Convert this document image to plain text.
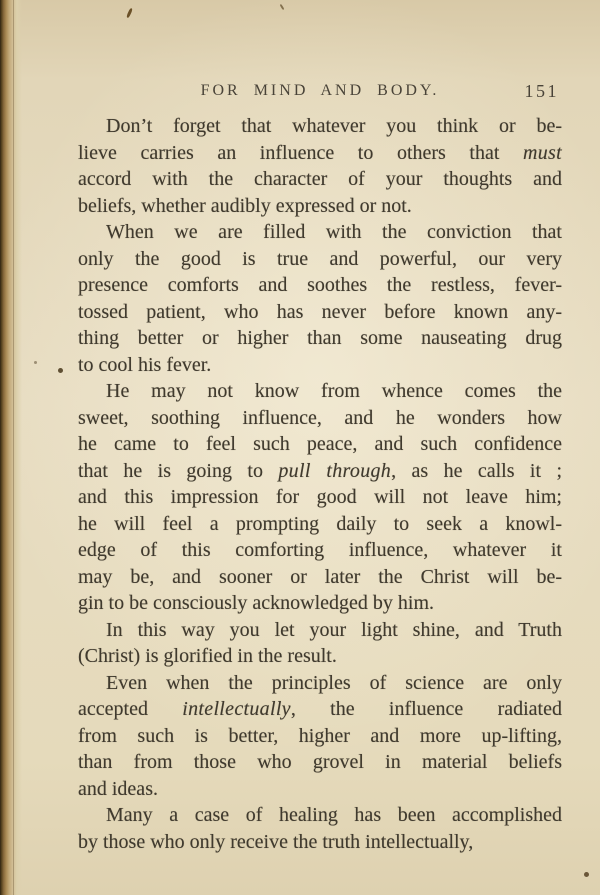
FOR MIND AND BODY.	151
Don’t forget that whatever you think or be-
lieve carries an influence to others that must
accord with the character of your thoughts and
beliefs, whether audibly expressed or not.
When we are filled with the conviction that
only the good is true and powerful, our very
presence comforts and soothes the restless, fever-
tossed patient, who has never before known any-
thing better or higher than some nauseating drug
to cool his fever.
He may not know from whence comes the
sweet, soothing influence, and he wonders how
he came to feel such peace, and such confidence
that he is going to pull through, as he calls it ;
and this impression for good will not leave him;
he will feel a prompting daily to seek a knowl-
edge of this comforting influence, whatever it
may be, and sooner or later the Christ will be-
gin to be consciously acknowledged by him.
In this way you let your light shine, and Truth
(Christ) is glorified in the result.
Even when the principles of science are only
accepted intellectually, the influence radiated
from such is better, higher and more up-lifting,
than from those who grovel in material beliefs
and ideas.
Many a case of healing has been accomplished
by those who only receive the truth intellectually,
